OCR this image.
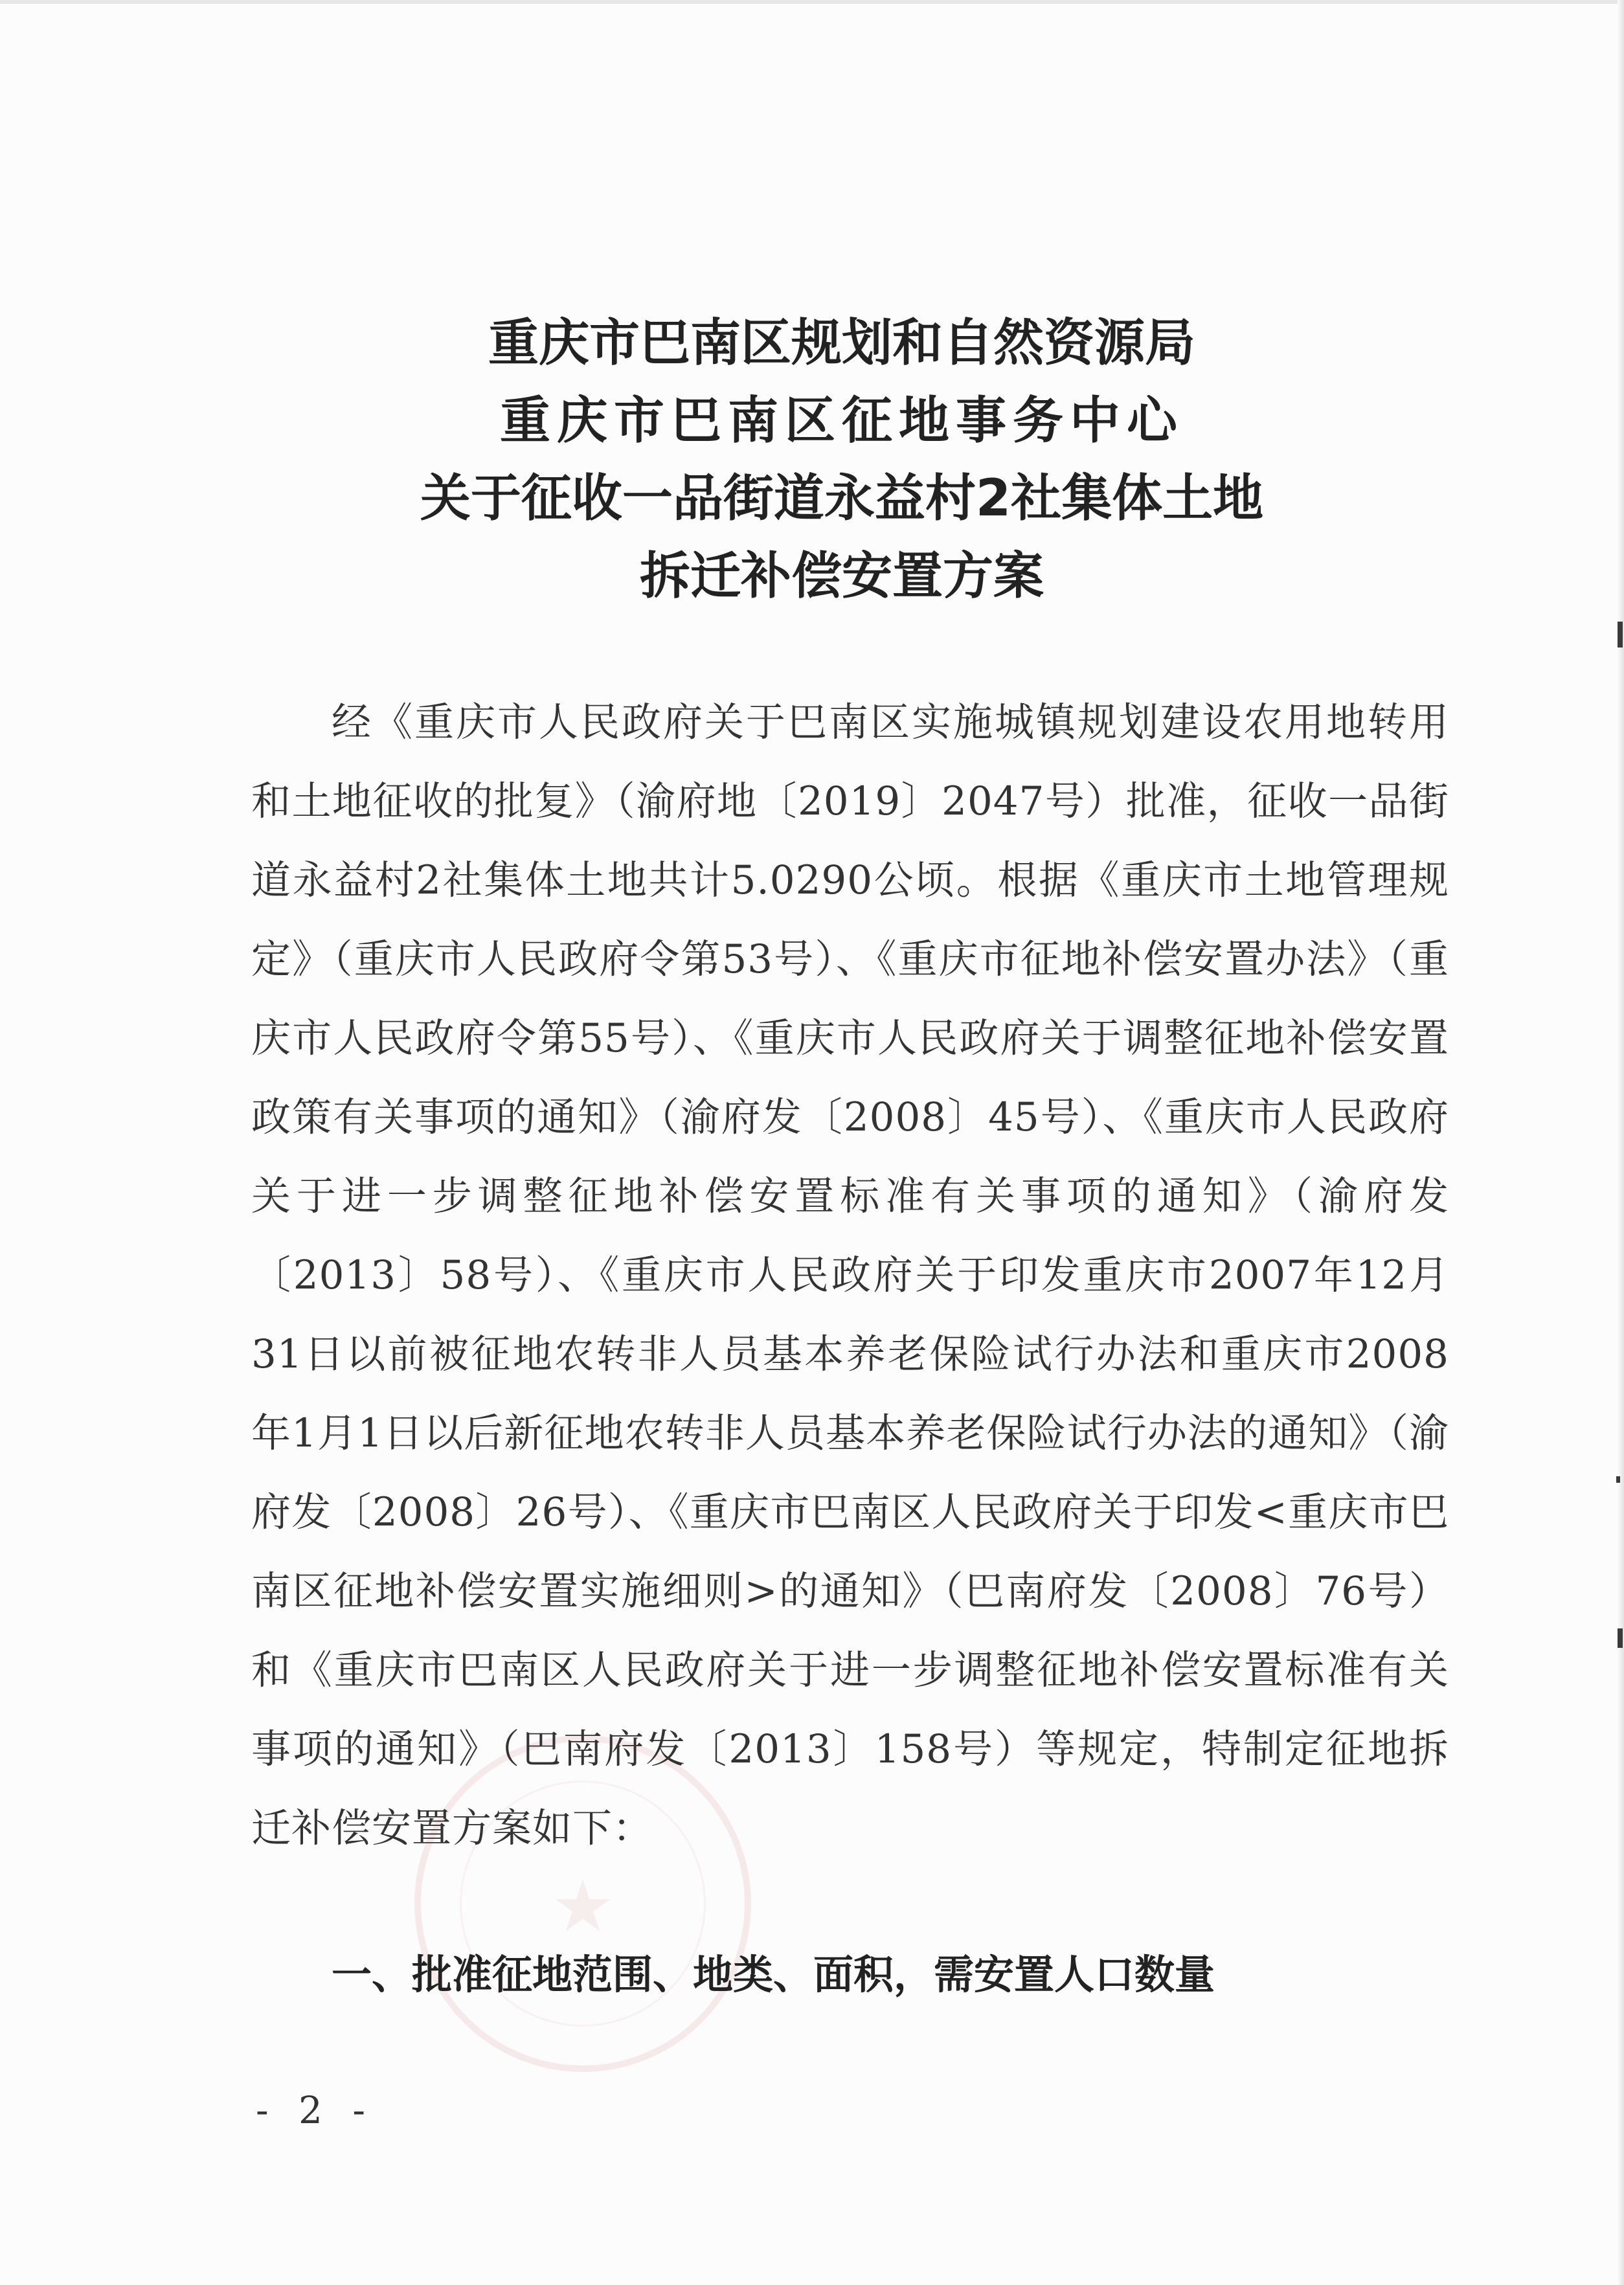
★
重庆市巴南区规划和自然资源局
重庆市巴南区征地事务中心
关于征收一品街道永益村2社集体土地
拆迁补偿安置方案

经《重庆市人民政府关于巴南区实施城镇规划建设农用地转用和土地征收的批复》（渝府地〔2019〕2047号）批准，征收一品街道永益村2社集体土地共计5.0290公顷。根据《重庆市土地管理规定》（重庆市人民政府令第53号）、《重庆市征地补偿安置办法》（重庆市人民政府令第55号）、《重庆市人民政府关于调整征地补偿安置政策有关事项的通知》（渝府发〔2008〕45号）、《重庆市人民政府关于进一步调整征地补偿安置标准有关事项的通知》（渝府发〔2013〕58号）、《重庆市人民政府关于印发重庆市2007年12月31日以前被征地农转非人员基本养老保险试行办法和重庆市2008年1月1日以后新征地农转非人员基本养老保险试行办法的通知》（渝府发〔2008〕26号）、《重庆市巴南区人民政府关于印发<重庆市巴南区征地补偿安置实施细则>的通知》（巴南府发〔2008〕76号）和《重庆市巴南区人民政府关于进一步调整征地补偿安置标准有关事项的通知》（巴南府发〔2013〕158号）等规定，特制定征地拆迁补偿安置方案如下：

一、批准征地范围、地类、面积，需安置人口数量
- 2 -
